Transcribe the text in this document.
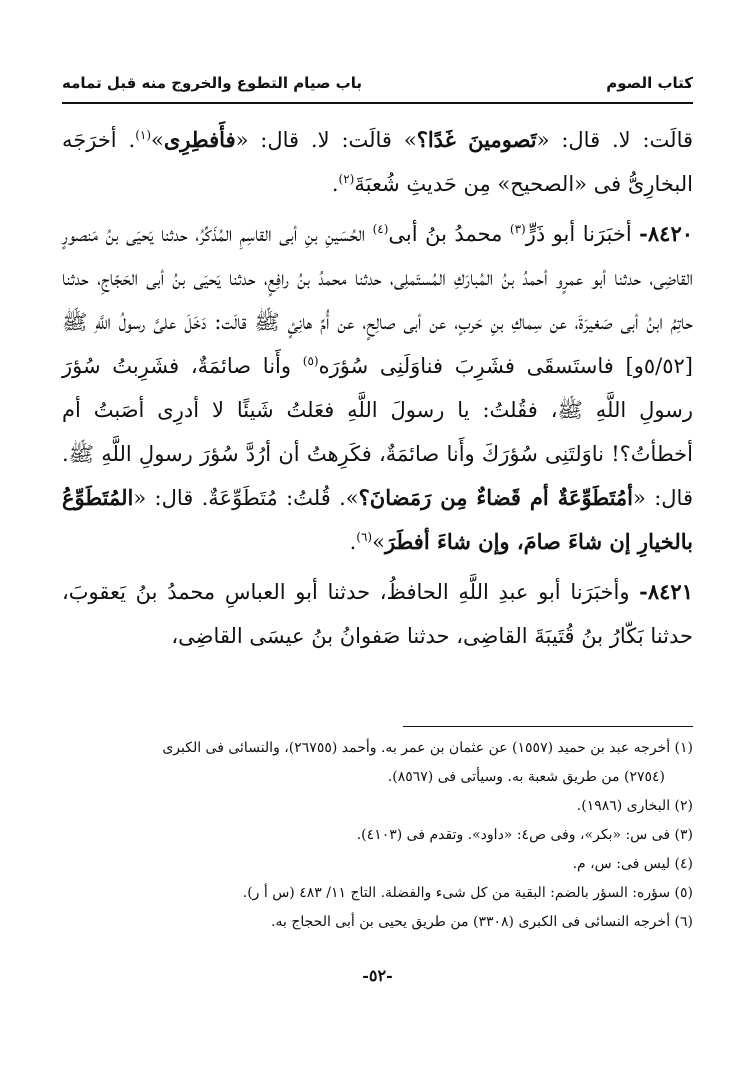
كتاب الصوم
باب صيام التطوع والخروج منه قبل تمامه

قالَت: لا. قال: «تَصومينَ غَدًا؟» قالَت: لا. قال: «فأَفطِرِى»$^{(١)}$. أخرَجَه البخارِىُّ فى «الصحيح» مِن حَديثِ شُعبَةَ$^{(٢)}$.

٨٤٢٠- أخبَرَنا أبو ذَرٍّ$^{(٣)}$ محمدُ بنُ أبى$^{(٤)}$ الحُسَينِ بنِ أبى القاسِمِ المُذَكِّرُ، حدثنا يَحيَى بنُ مَنصورٍ القاضِى، حدثنا أبو عمرٍو أحمدُ بنُ المُبارَكِ المُستَملِى، حدثنا محمدُ بنُ رافِعٍ، حدثنا يَحيَى بنُ أبى الحَجّاجِ، حدثنا حاتِمُ ابنُ أبى صَغيرَةَ، عن سِماكِ بنِ حَربٍ، عن أبى صالِحٍ، عن أُمِّ هانِئٍ ﷺ قالَت: دَخَلَ علىَّ رسولُ اللَّهِ ﷺ [٥/٥٢و] فاستَسقَى فشَرِبَ فناوَلَنِى سُؤرَه$^{(٥)}$ وأَنا صائمَةٌ، فشَرِبتُ سُؤرَ رسولِ اللَّهِ ﷺ، فقُلتُ: يا رسولَ اللَّهِ فعَلتُ شَيئًا لا أدرِى أصَبتُ أم أخطأتُ؟! ناوَلتَنِى سُؤرَكَ وأَنا صائمَةٌ، فكَرِهتُ أن أرُدَّ سُؤرَ رسولِ اللَّهِ ﷺ. قال: «أمُتَطَوِّعَةٌ أم قَضاءٌ مِن رَمَضانَ؟». قُلتُ: مُتَطَوِّعَةٌ. قال: «المُتَطَوِّعُ بالخيارِ إن شاءَ صامَ، وإن شاءَ أفطَرَ»$^{(٦)}$.

٨٤٢١- وأخبَرَنا أبو عبدِ اللَّهِ الحافظُ، حدثنا أبو العباسِ محمدُ بنُ يَعقوبَ، حدثنا بَكّارُ بنُ قُتَيبَةَ القاضِى، حدثنا صَفوانُ بنُ عيسَى القاضِى،

(١) أخرجه عبد بن حميد (١٥٥٧) عن عثمان بن عمر به. وأحمد (٢٦٧٥٥)، والنسائى فى الكبرى

(٢٧٥٤) من طريق شعبة به. وسيأتى فى (٨٥٦٧).

(٢) البخارى (١٩٨٦).

(٣) فى س: «بكر»، وفى ص٤: «داود». وتقدم فى (٤١٠٣).

(٤) ليس فى: س، م.

(٥) سؤره: السؤر بالضم: البقية من كل شىء والفضلة. التاج ١١/ ٤٨٣ (س أ ر).

(٦) أخرجه النسائى فى الكبرى (٣٣٠٨) من طريق يحيى بن أبى الحجاج به.

-٥٢-
